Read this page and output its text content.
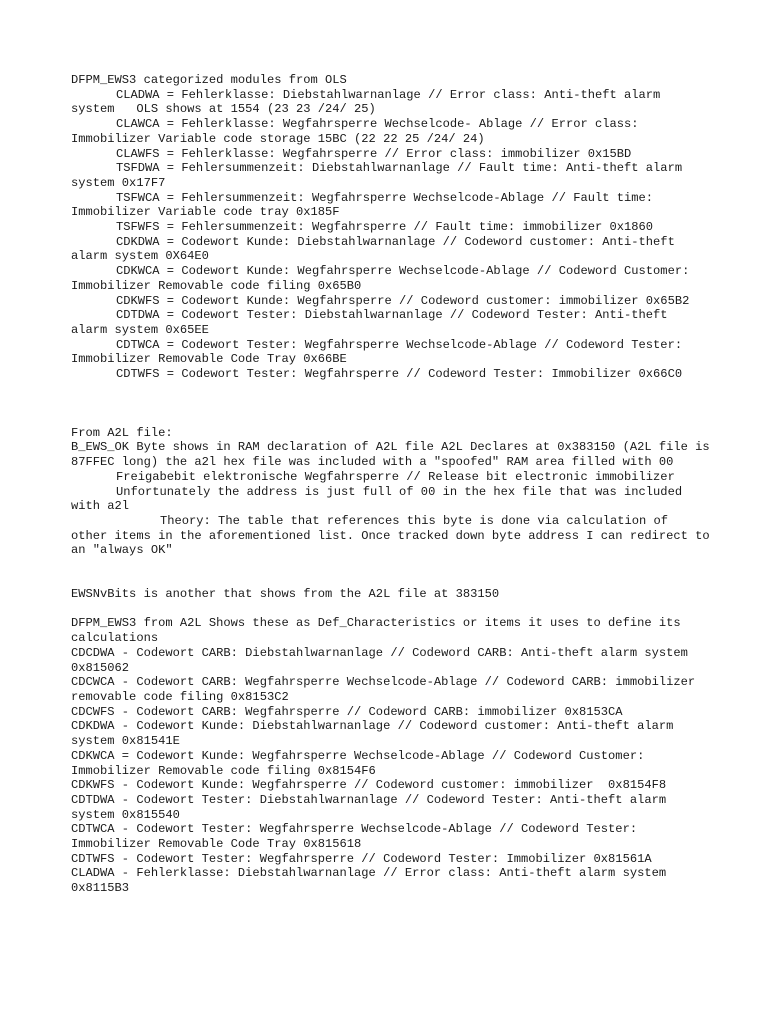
DFPM_EWS3 categorized modules from OLS
CLADWA = Fehlerklasse: Diebstahlwarnanlage // Error class: Anti-theft alarm system   OLS shows at 1554 (23 23 /24/ 25)
CLAWCA = Fehlerklasse: Wegfahrsperre Wechselcode- Ablage // Error class: Immobilizer Variable code storage 15BC (22 22 25 /24/ 24)
CLAWFS = Fehlerklasse: Wegfahrsperre // Error class: immobilizer 0x15BD
TSFDWA = Fehlersummenzeit: Diebstahlwarnanlage // Fault time: Anti-theft alarm system 0x17F7
TSFWCA = Fehlersummenzeit: Wegfahrsperre Wechselcode-Ablage // Fault time: Immobilizer Variable code tray 0x185F
TSFWFS = Fehlersummenzeit: Wegfahrsperre // Fault time: immobilizer 0x1860
CDKDWA = Codewort Kunde: Diebstahlwarnanlage // Codeword customer: Anti-theft alarm system 0X64E0
CDKWCA = Codewort Kunde: Wegfahrsperre Wechselcode-Ablage // Codeword Customer: Immobilizer Removable code filing 0x65B0
CDKWFS = Codewort Kunde: Wegfahrsperre // Codeword customer: immobilizer 0x65B2
CDTDWA = Codewort Tester: Diebstahlwarnanlage // Codeword Tester: Anti-theft alarm system 0x65EE
CDTWCA = Codewort Tester: Wegfahrsperre Wechselcode-Ablage // Codeword Tester: Immobilizer Removable Code Tray 0x66BE
CDTWFS = Codewort Tester: Wegfahrsperre // Codeword Tester: Immobilizer 0x66C0
From A2L file:
B_EWS_OK Byte shows in RAM declaration of A2L file A2L Declares at 0x383150 (A2L file is 87FFEC long) the a2l hex file was included with a "spoofed" RAM area filled with 00
Freigabebit elektronische Wegfahrsperre // Release bit electronic immobilizer
Unfortunately the address is just full of 00 in the hex file that was included with a2l
Theory: The table that references this byte is done via calculation of other items in the aforementioned list. Once tracked down byte address I can redirect to an "always OK"
EWSNvBits is another that shows from the A2L file at 383150
DFPM_EWS3 from A2L Shows these as Def_Characteristics or items it uses to define its calculations
CDCDWA - Codewort CARB: Diebstahlwarnanlage // Codeword CARB: Anti-theft alarm system 0x815062
CDCWCA - Codewort CARB: Wegfahrsperre Wechselcode-Ablage // Codeword CARB: immobilizer removable code filing 0x8153C2
CDCWFS - Codewort CARB: Wegfahrsperre // Codeword CARB: immobilizer 0x8153CA
CDKDWA - Codewort Kunde: Diebstahlwarnanlage // Codeword customer: Anti-theft alarm system 0x81541E
CDKWCA = Codewort Kunde: Wegfahrsperre Wechselcode-Ablage // Codeword Customer: Immobilizer Removable code filing 0x8154F6
CDKWFS - Codewort Kunde: Wegfahrsperre // Codeword customer: immobilizer  0x8154F8
CDTDWA - Codewort Tester: Diebstahlwarnanlage // Codeword Tester: Anti-theft alarm system 0x815540
CDTWCA - Codewort Tester: Wegfahrsperre Wechselcode-Ablage // Codeword Tester: Immobilizer Removable Code Tray 0x815618
CDTWFS - Codewort Tester: Wegfahrsperre // Codeword Tester: Immobilizer 0x81561A
CLADWA - Fehlerklasse: Diebstahlwarnanlage // Error class: Anti-theft alarm system 0x8115B3
